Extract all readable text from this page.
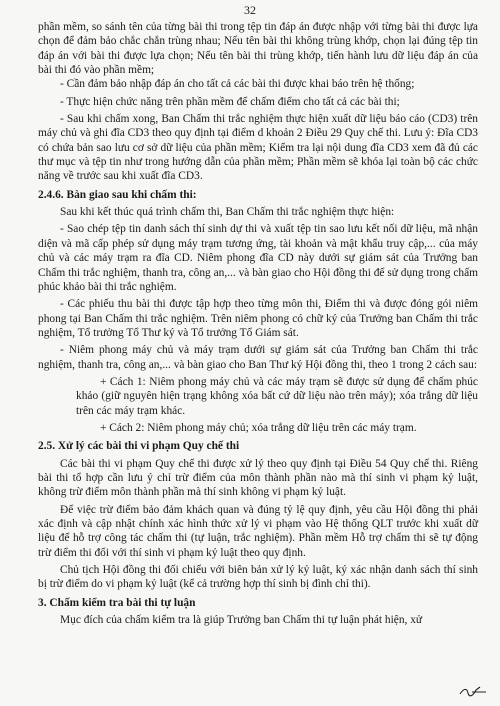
32

phần mềm, so sánh tên của từng bài thi trong tệp tin đáp án được nhập với từng bài thi được lựa chọn để đảm bảo chắc chắn trùng nhau; Nếu tên bài thi không trùng khớp, chọn lại đúng tệp tin đáp án với bài thi được lựa chọn; Nếu tên bài thi trùng khớp, tiến hành lưu dữ liệu đáp án của bài thi đó vào phần mềm;

- Cần đảm bảo nhập đáp án cho tất cả các bài thi được khai báo trên hệ thống;

- Thực hiện chức năng trên phần mềm để chấm điểm cho tất cả các bài thi;

- Sau khi chấm xong, Ban Chấm thi trắc nghiệm thực hiện xuất dữ liệu báo cáo (CD3) trên máy chủ và ghi đĩa CD3 theo quy định tại điểm d khoản 2 Điều 29 Quy chế thi. Lưu ý: Đĩa CD3 có chứa bản sao lưu cơ sở dữ liệu của phần mềm; Kiểm tra lại nội dung đĩa CD3 xem đã đủ các thư mục và tệp tin như trong hướng dẫn của phần mềm; Phần mềm sẽ khóa lại toàn bộ các chức năng về trước sau khi xuất đĩa CD3.

2.4.6. Bàn giao sau khi chấm thi:

Sau khi kết thúc quá trình chấm thi, Ban Chấm thi trắc nghiệm thực hiện:

- Sao chép tệp tin danh sách thí sinh dự thi và xuất tệp tin sao lưu kết nối dữ liệu, mã nhận diện và mã cấp phép sử dụng máy trạm tương ứng, tài khoản và mật khẩu truy cập,... của máy chủ và các máy trạm ra đĩa CD. Niêm phong đĩa CD này dưới sự giám sát của Trưởng ban Chấm thi trắc nghiệm, thanh tra, công an,... và bàn giao cho Hội đồng thi để sử dụng trong chấm phúc khảo bài thi trắc nghiệm.

- Các phiếu thu bài thi được tập hợp theo từng môn thi, Điểm thi và được đóng gói niêm phong tại Ban Chấm thi trắc nghiệm. Trên niêm phong có chữ ký của Trưởng ban Chấm thi trắc nghiệm, Tổ trưởng Tổ Thư ký và Tổ trưởng Tổ Giám sát.

- Niêm phong máy chủ và máy trạm dưới sự giám sát của Trưởng ban Chấm thi trắc nghiệm, thanh tra, công an,... và bàn giao cho Ban Thư ký Hội đồng thi, theo 1 trong 2 cách sau:

+ Cách 1: Niêm phong máy chủ và các máy trạm sẽ được sử dụng để chấm phúc khảo (giữ nguyên hiện trạng không xóa bất cứ dữ liệu nào trên máy); xóa trắng dữ liệu trên các máy trạm khác.

+ Cách 2: Niêm phong máy chủ; xóa trắng dữ liệu trên các máy trạm.

2.5. Xử lý các bài thi vi phạm Quy chế thi

Các bài thi vi phạm Quy chế thi được xử lý theo quy định tại Điều 54 Quy chế thi. Riêng bài thi tổ hợp cần lưu ý chỉ trừ điểm của môn thành phần nào mà thí sinh vi phạm kỷ luật, không trừ điểm môn thành phần mà thí sinh không vi phạm kỷ luật.

Để việc trừ điểm bảo đảm khách quan và đúng tỷ lệ quy định, yêu cầu Hội đồng thi phải xác định và cập nhật chính xác hình thức xử lý vi phạm vào Hệ thống QLT trước khi xuất dữ liệu để hỗ trợ công tác chấm thi (tự luận, trắc nghiệm). Phần mềm Hỗ trợ chấm thi sẽ tự động trừ điểm thi đối với thí sinh vi phạm kỷ luật theo quy định.

Chủ tịch Hội đồng thi đối chiếu với biên bản xử lý kỷ luật, ký xác nhận danh sách thí sinh bị trừ điểm do vi phạm kỷ luật (kể cả trường hợp thí sinh bị đình chỉ thi).

3. Chấm kiểm tra bài thi tự luận

Mục đích của chấm kiểm tra là giúp Trưởng ban Chấm thi tự luận phát hiện, xử
